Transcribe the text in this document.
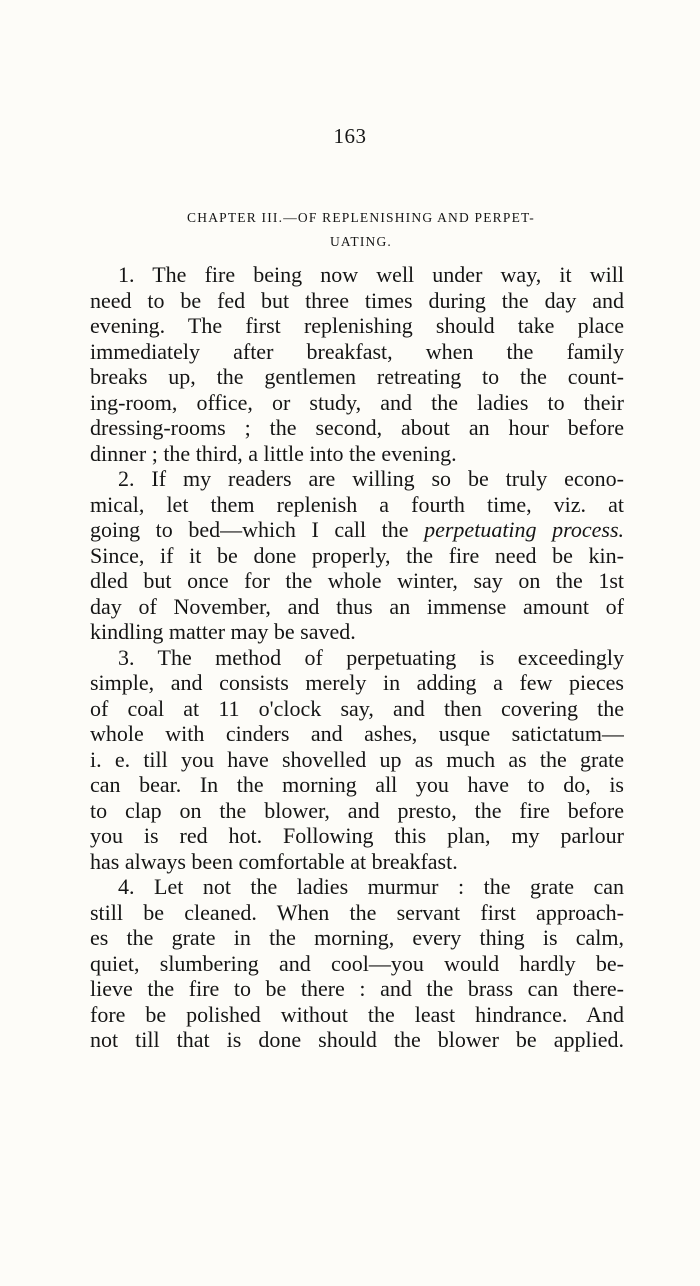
163
CHAPTER III.—OF REPLENISHING AND PERPET-
UATING.
1. The fire being now well under way, it will
need to be fed but three times during the day and
evening. The first replenishing should take place
immediately after breakfast, when the family
breaks up, the gentlemen retreating to the count-
ing-room, office, or study, and the ladies to their
dressing-rooms ; the second, about an hour before
dinner ; the third, a little into the evening.
2. If my readers are willing so be truly econo-
mical, let them replenish a fourth time, viz. at
going to bed—which I call the perpetuating process.
Since, if it be done properly, the fire need be kin-
dled but once for the whole winter, say on the 1st
day of November, and thus an immense amount of
kindling matter may be saved.
3. The method of perpetuating is exceedingly
simple, and consists merely in adding a few pieces
of coal at 11 o'clock say, and then covering the
whole with cinders and ashes, usque satictatum—
i. e. till you have shovelled up as much as the grate
can bear. In the morning all you have to do, is
to clap on the blower, and presto, the fire before
you is red hot. Following this plan, my parlour
has always been comfortable at breakfast.
4. Let not the ladies murmur : the grate can
still be cleaned. When the servant first approach-
es the grate in the morning, every thing is calm,
quiet, slumbering and cool—you would hardly be-
lieve the fire to be there : and the brass can there-
fore be polished without the least hindrance. And
not till that is done should the blower be applied.
